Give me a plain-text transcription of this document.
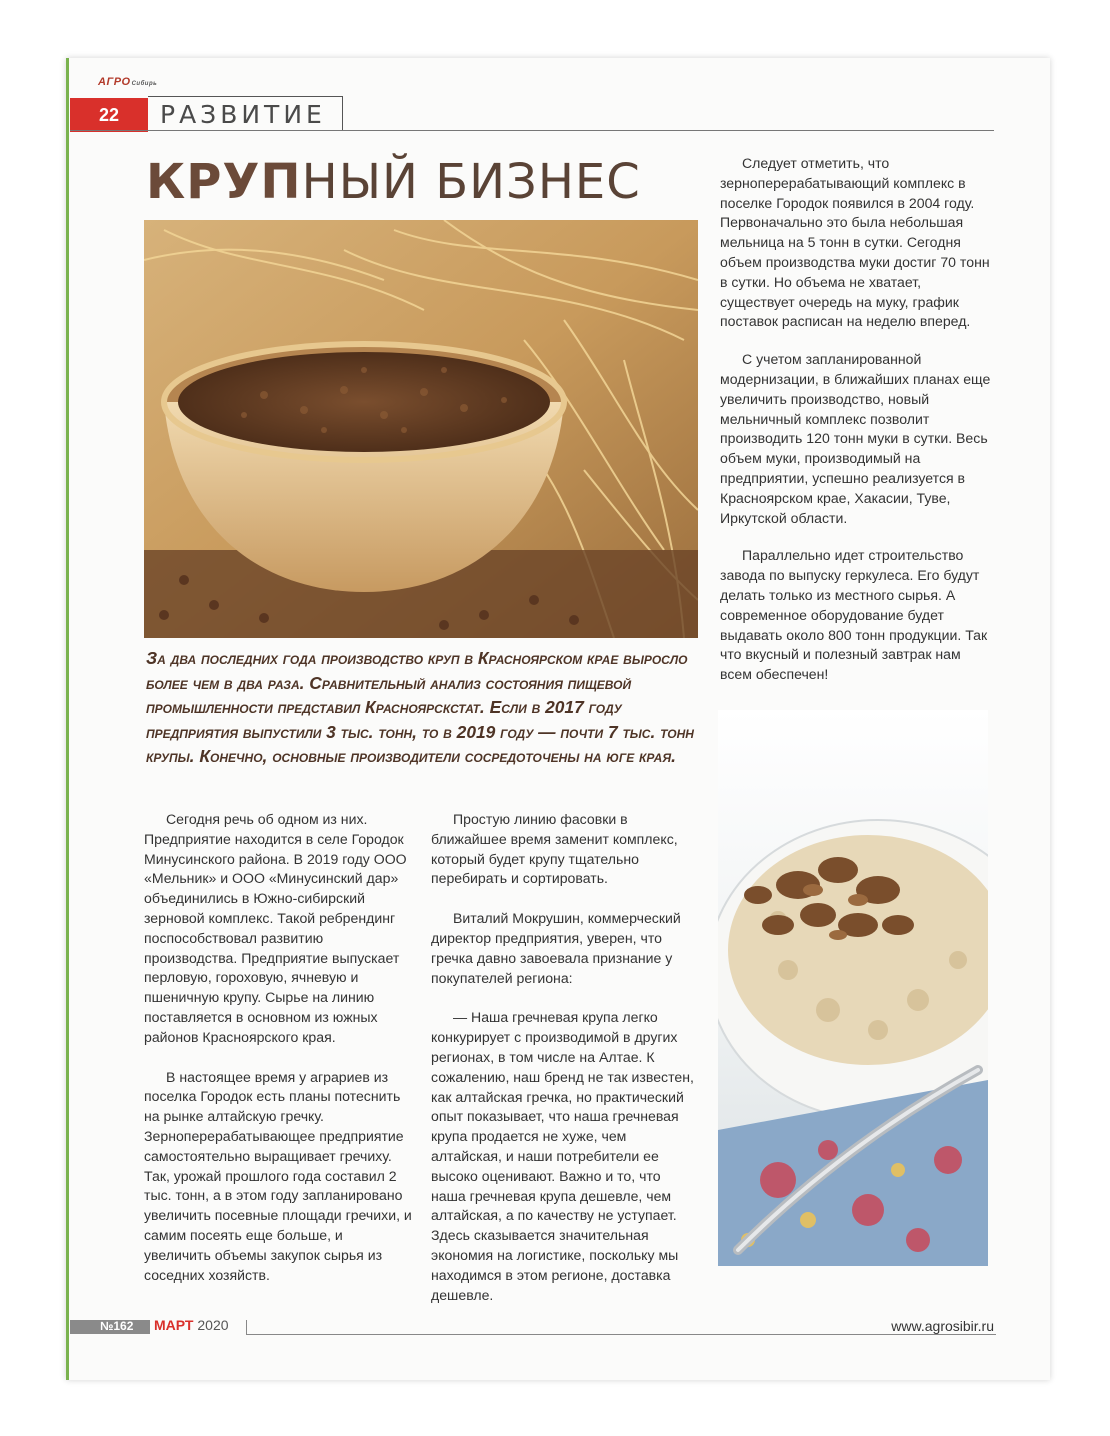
АГРОСибирь
22	РАЗВИТИЕ
КРУПНЫЙ БИЗНЕС
За два последних года производство круп в Красноярском крае выросло более чем в два раза. Сравнительный анализ состояния пищевой промышленности представил Красноярскстат. Если в 2017 году предприятия выпустили 3 тыс. тонн, то в 2019 году — почти 7 тыс. тонн крупы. Конечно, основные производители сосредоточены на юге края.

Сегодня речь об одном из них. Предприятие находится в селе Городок Минусинского района. В 2019 году ООО «Мельник» и ООО «Минусинский дар» объединились в Южно-сибирский зерновой комплекс. Такой ребрендинг поспособствовал развитию производства. Предприятие выпускает перловую, гороховую, ячневую и пшеничную крупу. Сырье на линию поставляется в основном из южных районов Красноярского края.

В настоящее время у аграриев из поселка Городок есть планы потеснить на рынке алтайскую гречку. Зерноперерабатывающее предприятие самостоятельно выращивает гречиху. Так, урожай прошлого года составил 2 тыс. тонн, а в этом году запланировано увеличить посевные площади гречихи, и самим посеять еще больше, и увеличить объемы закупок сырья из соседних хозяйств.

Простую линию фасовки в ближайшее время заменит комплекс, который будет крупу тщательно перебирать и сортировать.

Виталий Мокрушин, коммерческий директор предприятия, уверен, что гречка давно завоевала признание у покупателей региона:

— Наша гречневая крупа легко конкурирует с производимой в других регионах, в том числе на Алтае. К сожалению, наш бренд не так известен, как алтайская гречка, но практический опыт показывает, что наша гречневая крупа продается не хуже, чем алтайская, и наши потребители ее высоко оценивают. Важно и то, что наша гречневая крупа дешевле, чем алтайская, а по качеству не уступает. Здесь сказывается значительная экономия на логистике, поскольку мы находимся в этом регионе, доставка дешевле.

Следует отметить, что зерноперерабатывающий комплекс в поселке Городок появился в 2004 году. Первоначально это была небольшая мельница на 5 тонн в сутки. Сегодня объем производства муки достиг 70 тонн в сутки. Но объема не хватает, существует очередь на муку, график поставок расписан на неделю вперед.

С учетом запланированной модернизации, в ближайших планах еще увеличить производство, новый мельничный комплекс позволит производить 120 тонн муки в сутки. Весь объем муки, производимый на предприятии, успешно реализуется в Красноярском крае, Хакасии, Туве, Иркутской области.

Параллельно идет строительство завода по выпуску геркулеса. Его будут делать только из местного сырья. А современное оборудование будет выдавать около 800 тонн продукции. Так что вкусный и полезный завтрак нам всем обеспечен!

№162 МАРТ 2020	www.agrosibir.ru
